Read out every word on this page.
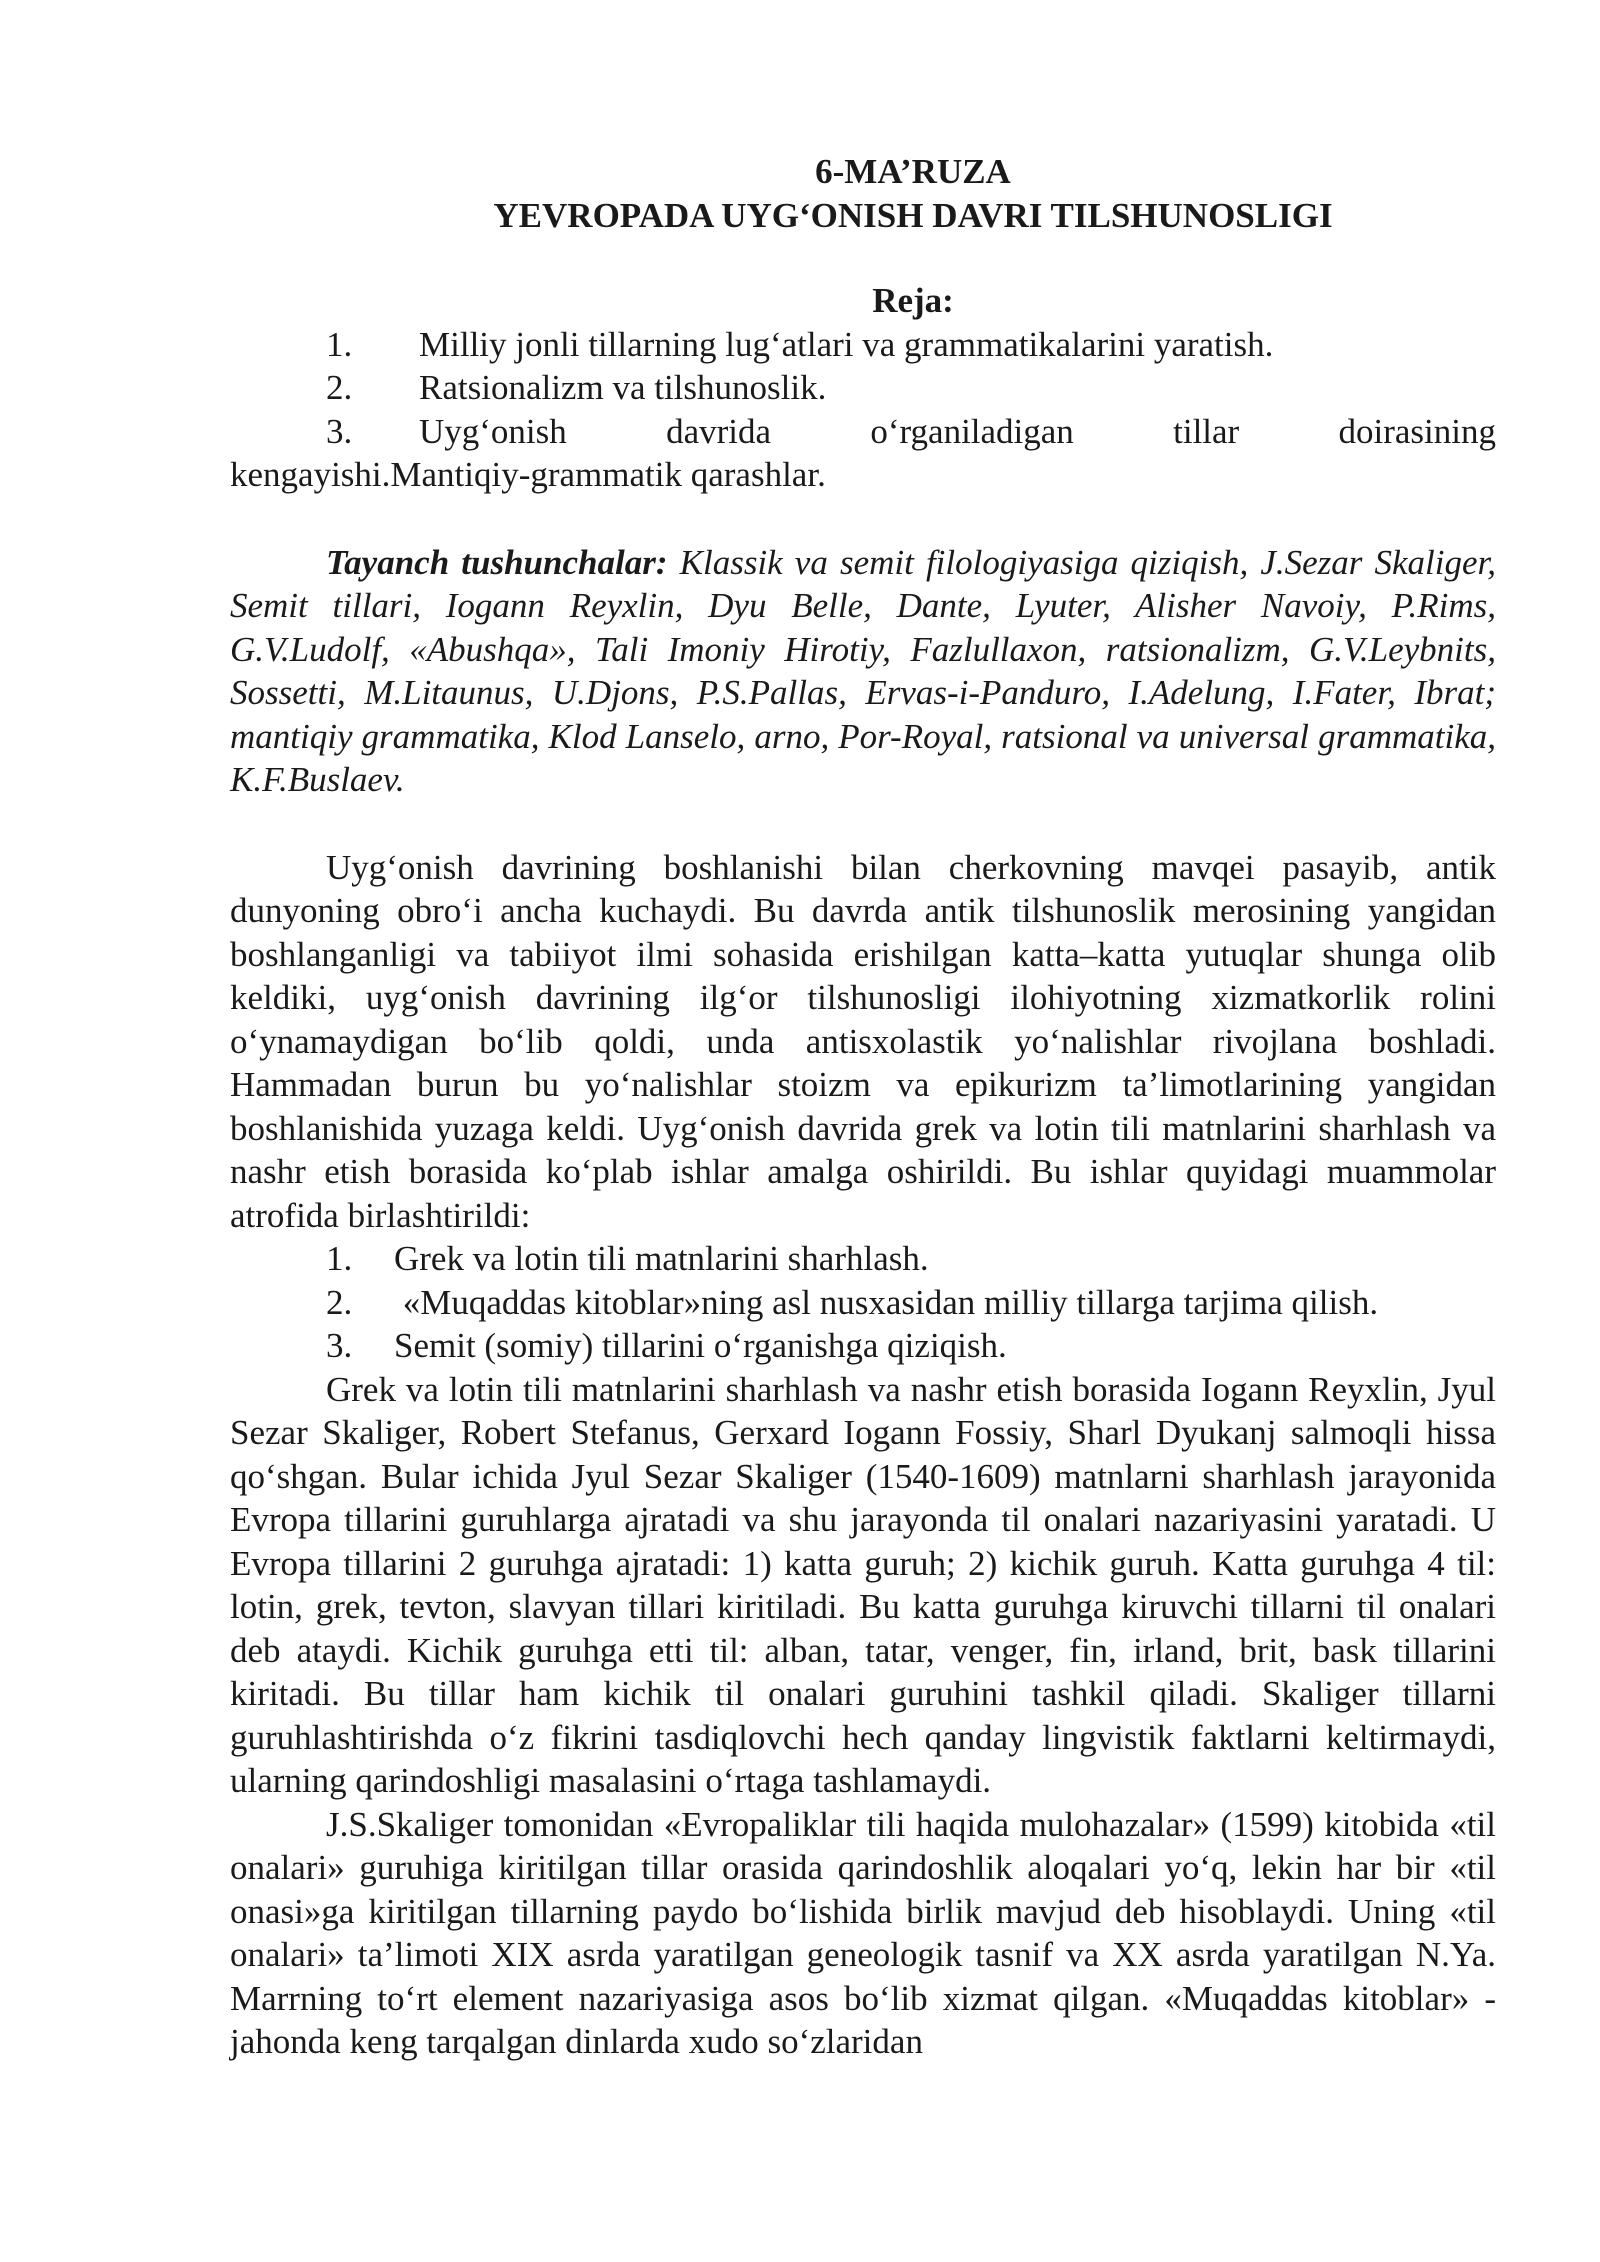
6-MA’RUZA

YEVROPADA UYG‘ONISH DAVRI TILSHUNOSLIGI

Reja:
1.	Milliy jonli tillarning lug‘atlari va grammatikalarini yaratish.
2.	Ratsionalizm va tilshunoslik.
3.	Uyg‘onish davrida o‘rganiladigan tillar doirasining
kengayishi.Mantiqiy-grammatik qarashlar.
Tayanch tushunchalar: Klassik va semit filologiyasiga qiziqish, J.Sezar Skaliger, Semit tillari, Iogann Reyxlin, Dyu Belle, Dante, Lyuter, Alisher Navoiy, P.Rims, G.V.Ludolf, «Abushqa», Tali Imoniy Hirotiy, Fazlullaxon, ratsionalizm, G.V.Leybnits, Sossetti, M.Litaunus, U.Djons, P.S.Pallas, Ervas-i-Panduro, I.Adelung, I.Fater, Ibrat; mantiqiy grammatika, Klod Lanselo, arno, Por-Royal, ratsional va universal grammatika, K.F.Buslaev.

Uyg‘onish davrining boshlanishi bilan cherkovning mavqei pasayib, antik dunyoning obro‘i ancha kuchaydi. Bu davrda antik tilshunoslik merosining yangidan boshlanganligi va tabiiyot ilmi sohasida erishilgan katta–katta yutuqlar shunga olib keldiki, uyg‘onish davrining ilg‘or tilshunosligi ilohiyotning xizmatkorlik rolini o‘ynamaydigan bo‘lib qoldi, unda antisxolastik yo‘nalishlar rivojlana boshladi. Hammadan burun bu yo‘nalishlar stoizm va epikurizm ta’limotlarining yangidan boshlanishida yuzaga keldi. Uyg‘onish davrida grek va lotin tili matnlarini sharhlash va nashr etish borasida ko‘plab ishlar amalga oshirildi. Bu ishlar quyidagi muammolar atrofida birlashtirildi:

1.	Grek va lotin tili matnlarini sharhlash.
2.	«Muqaddas kitoblar»ning asl nusxasidan milliy tillarga tarjima qilish.
3.	Semit (somiy) tillarini o‘rganishga qiziqish.

Grek va lotin tili matnlarini sharhlash va nashr etish borasida Iogann Reyxlin, Jyul Sezar Skaliger, Robert Stefanus, Gerxard Iogann Fossiy, Sharl Dyukanj salmoqli hissa qo‘shgan. Bular ichida Jyul Sezar Skaliger (1540-1609) matnlarni sharhlash jarayonida Evropa tillarini guruhlarga ajratadi va shu jarayonda til onalari nazariyasini yaratadi. U Evropa tillarini 2 guruhga ajratadi: 1) katta guruh; 2) kichik guruh. Katta guruhga 4 til: lotin, grek, tevton, slavyan tillari kiritiladi. Bu katta guruhga kiruvchi tillarni til onalari deb ataydi. Kichik guruhga etti til: alban, tatar, venger, fin, irland, brit, bask tillarini kiritadi. Bu tillar ham kichik til onalari guruhini tashkil qiladi. Skaliger tillarni guruhlashtirishda o‘z fikrini tasdiqlovchi hech qanday lingvistik faktlarni keltirmaydi, ularning qarindoshligi masalasini o‘rtaga tashlamaydi.

J.S.Skaliger tomonidan «Evropaliklar tili haqida mulohazalar» (1599) kitobida «til onalari» guruhiga kiritilgan tillar orasida qarindoshlik aloqalari yo‘q, lekin har bir «til onasi»ga kiritilgan tillarning paydo bo‘lishida birlik mavjud deb hisoblaydi. Uning «til onalari» ta’limoti XIX asrda yaratilgan geneologik tasnif va XX asrda yaratilgan N.Ya. Marrning to‘rt element nazariyasiga asos bo‘lib xizmat qilgan. «Muqaddas kitoblar» - jahonda keng tarqalgan dinlarda xudo so‘zlaridan
